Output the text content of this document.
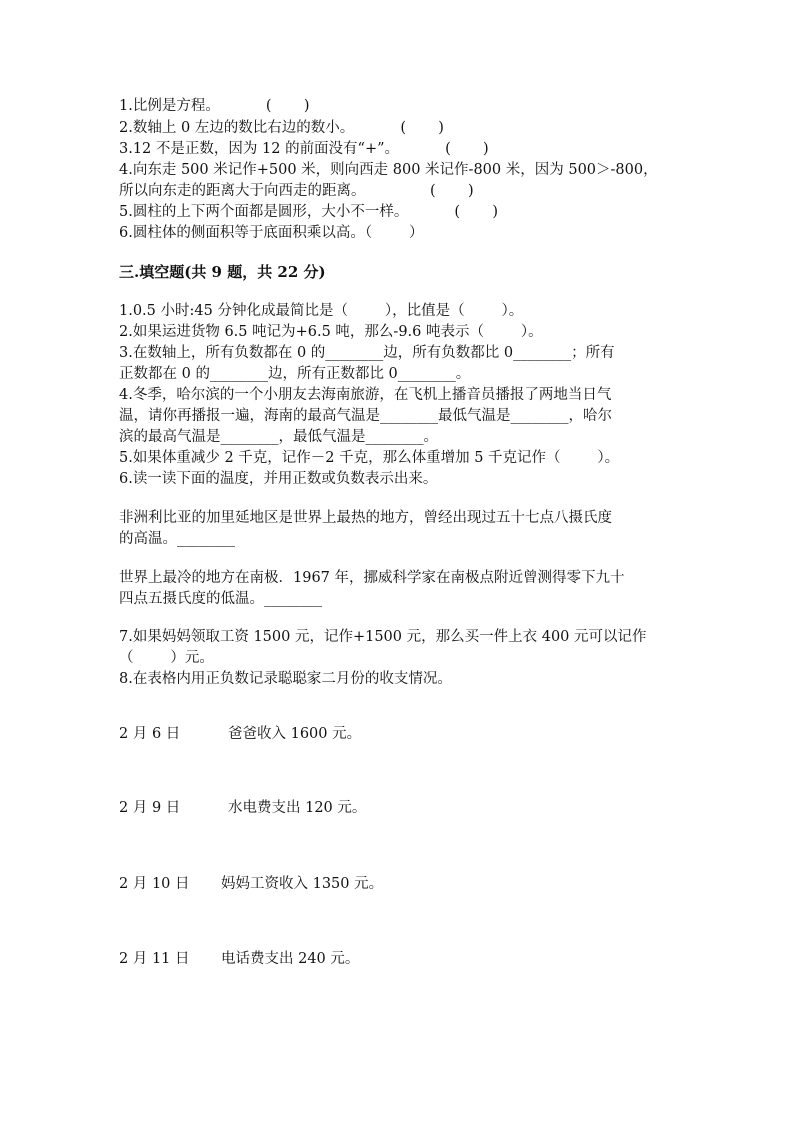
1.比例是方程。          (       )
2.数轴上 0 左边的数比右边的数小。          (       )
3.12 不是正数，因为 12 的前面没有“+”。          (       )
4.向东走 500 米记作+500 米，则向西走 800 米记作-800 米，因为 500＞-800，
所以向东走的距离大于向西走的距离。              (       )
5.圆柱的上下两个面都是圆形，大小不一样。          (       )
6.圆柱体的侧面积等于底面积乘以高。（        ）
三.填空题(共 9 题，共 22 分)
1.0.5 小时:45 分钟化成最简比是（        ），比值是（        ）。
2.如果运进货物 6.5 吨记为+6.5 吨，那么-9.6 吨表示（        ）。
3.在数轴上，所有负数都在 0 的________边，所有负数都比 0________；所有
正数都在 0 的________边，所有正数都比 0________。
4.冬季，哈尔滨的一个小朋友去海南旅游，在飞机上播音员播报了两地当日气
温，请你再播报一遍，海南的最高气温是________最低气温是________，哈尔
滨的最高气温是________，最低气温是________。
5.如果体重减少 2 千克，记作－2 千克，那么体重增加 5 千克记作（        ）。
6.读一读下面的温度，并用正数或负数表示出来。
非洲利比亚的加里延地区是世界上最热的地方，曾经出现过五十七点八摄氏度
的高温。________
世界上最冷的地方在南极．1967 年，挪威科学家在南极点附近曾测得零下九十
四点五摄氏度的低温。________
7.如果妈妈领取工资 1500 元，记作+1500 元，那么买一件上衣 400 元可以记作
（        ）元。
8.在表格内用正负数记录聪聪家二月份的收支情况。
2 月 6 日	爸爸收入 1600 元。
2 月 9 日	水电费支出 120 元。
2 月 10 日 妈妈工资收入 1350 元。
2 月 11 日 电话费支出 240 元。
